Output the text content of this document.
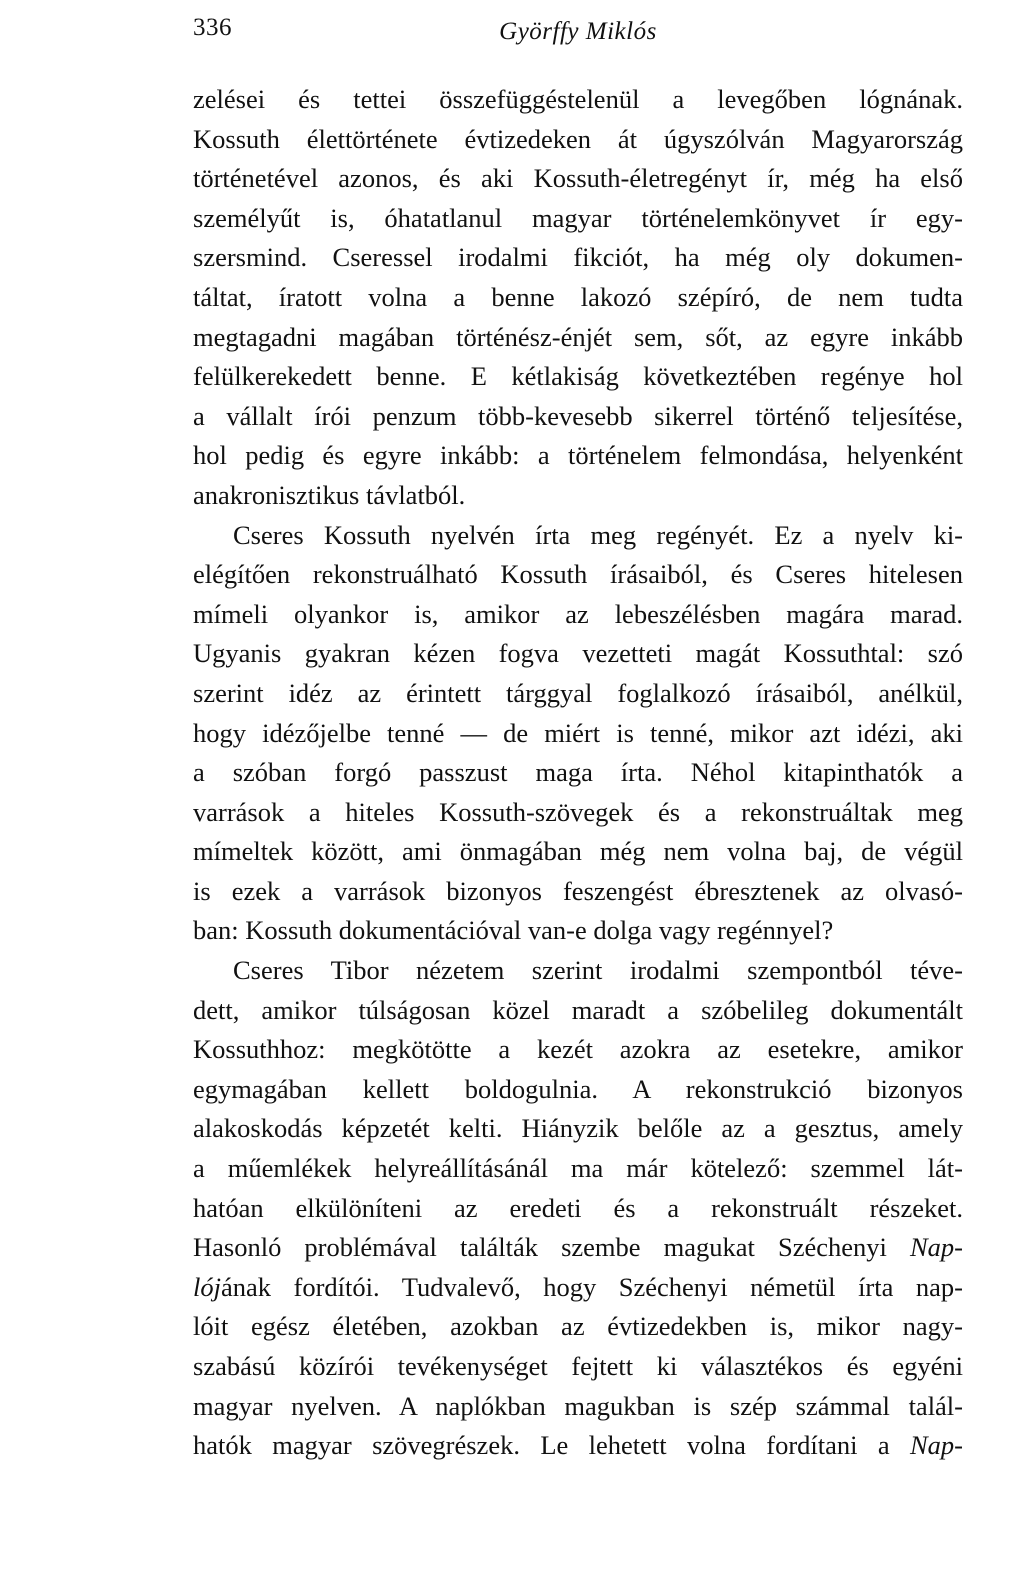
336	Györffy Miklós
zelései és tettei összefüggéstelenül a levegőben lógnának.
Kossuth élettörténete évtizedeken át úgyszólván Magyarország
történetével azonos, és aki Kossuth-életregényt ír, még ha első
személyűt is, óhatatlanul magyar történelemkönyvet ír egy-
szersmind. Cseressel irodalmi fikciót, ha még oly dokumen-
táltat, íratott volna a benne lakozó szépíró, de nem tudta
megtagadni magában történész-énjét sem, sőt, az egyre inkább
felülkerekedett benne. E kétlakiság következtében regénye hol
a vállalt írói penzum több-kevesebb sikerrel történő teljesítése,
hol pedig és egyre inkább: a történelem felmondása, helyenként
anakronisztikus távlatból.
Cseres Kossuth nyelvén írta meg regényét. Ez a nyelv ki-
elégítően rekonstruálható Kossuth írásaiból, és Cseres hitelesen
mímeli olyankor is, amikor az lebeszélésben magára marad.
Ugyanis gyakran kézen fogva vezetteti magát Kossuthtal: szó
szerint idéz az érintett tárggyal foglalkozó írásaiból, anélkül,
hogy idézőjelbe tenné — de miért is tenné, mikor azt idézi, aki
a szóban forgó passzust maga írta. Néhol kitapinthatók a
varrások a hiteles Kossuth-szövegek és a rekonstruáltak meg
mímeltek között, ami önmagában még nem volna baj, de végül
is ezek a varrások bizonyos feszengést ébresztenek az olvasó-
ban: Kossuth dokumentációval van-e dolga vagy regénnyel?
Cseres Tibor nézetem szerint irodalmi szempontból téve-
dett, amikor túlságosan közel maradt a szóbelileg dokumentált
Kossuthhoz: megkötötte a kezét azokra az esetekre, amikor
egymagában kellett boldogulnia. A rekonstrukció bizonyos
alakoskodás képzetét kelti. Hiányzik belőle az a gesztus, amely
a műemlékek helyreállításánál ma már kötelező: szemmel lát-
hatóan elkülöníteni az eredeti és a rekonstruált részeket.
Hasonló problémával találták szembe magukat Széchenyi Nap-
lójának fordítói. Tudvalevő, hogy Széchenyi németül írta nap-
lóit egész életében, azokban az évtizedekben is, mikor nagy-
szabású közírói tevékenységet fejtett ki választékos és egyéni
magyar nyelven. A naplókban magukban is szép számmal talál-
hatók magyar szövegrészek. Le lehetett volna fordítani a Nap-
